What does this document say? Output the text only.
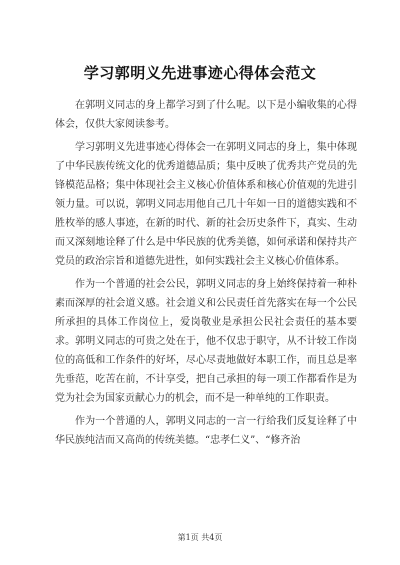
学习郭明义先进事迹心得体会范文

在郭明义同志的身上都学习到了什么呢。以下是小编收集的心得体会，仅供大家阅读参考。

学习郭明义先进事迹心得体会一在郭明义同志的身上，集中体现了中华民族传统文化的优秀道德品质；集中反映了优秀共产党员的先锋模范品格；集中体现社会主义核心价值体系和核心价值观的先进引领力量。可以说，郭明义同志用他自己几十年如一日的道德实践和不胜枚举的感人事迹，在新的时代、新的社会历史条件下，真实、生动而又深刻地诠释了什么是中华民族的优秀美德，如何承诺和保持共产党员的政治宗旨和道德先进性，如何实践社会主义核心价值体系。

作为一个普通的社会公民，郭明义同志的身上始终保持着一种朴素而深厚的社会道义感。社会道义和公民责任首先落实在每一个公民所承担的具体工作岗位上，爱岗敬业是承担公民社会责任的基本要求。郭明义同志的可贵之处在于，他不仅忠于职守，从不计较工作岗位的高低和工作条件的好坏，尽心尽责地做好本职工作，而且总是率先垂范，吃苦在前，不计享受，把自己承担的每一项工作都看作是为党为社会为国家贡献心力的机会，而不是一种单纯的工作职责。

作为一个普通的人，郭明义同志的一言一行给我们反复诠释了中华民族纯洁而又高尚的传统美德。“忠孝仁义”、“修齐治

第1页 共4页
